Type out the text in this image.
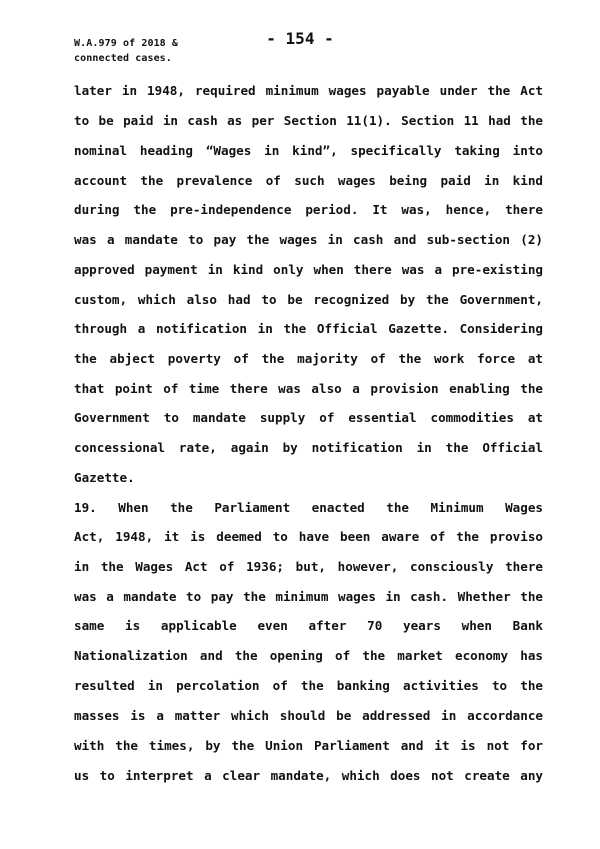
W.A.979 of 2018 &
connected cases.
- 154 -
later in 1948, required minimum wages payable under the Act
to be paid in cash as per Section 11(1). Section 11 had the
nominal heading “Wages in kind”, specifically taking into
account the prevalence of such wages being paid in kind
during the pre-independence period. It was, hence, there
was a mandate to pay the wages in cash and sub-section (2)
approved payment in kind only when there was a pre-existing
custom, which also had to be recognized by the Government,
through a notification in the Official Gazette. Considering
the abject poverty of the majority of the work force at
that point of time there was also a provision enabling the
Government to mandate supply of essential commodities at
concessional rate, again by notification in the Official
Gazette.
19. When the Parliament enacted the Minimum Wages
Act, 1948, it is deemed to have been aware of the proviso
in the Wages Act of 1936; but, however, consciously there
was a mandate to pay the minimum wages in cash. Whether the
same is applicable even after 70 years when Bank
Nationalization and the opening of the market economy has
resulted in percolation of the banking activities to the
masses is a matter which should be addressed in accordance
with the times, by the Union Parliament and it is not for
us to interpret a clear mandate, which does not create any
